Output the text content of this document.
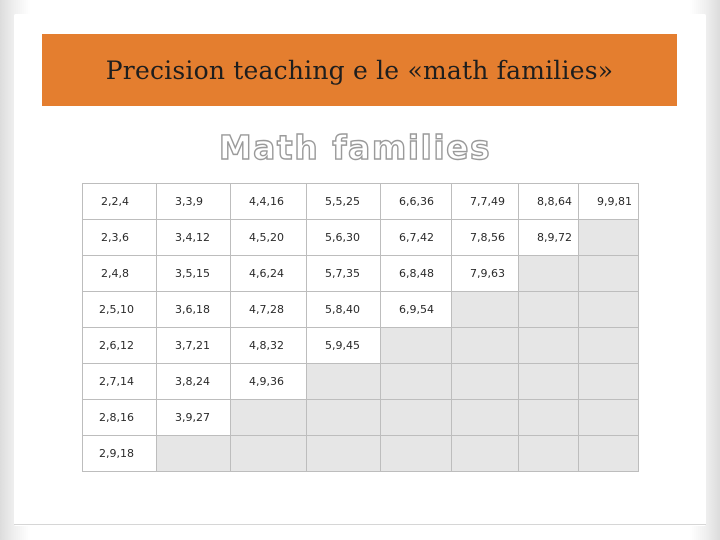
Precision teaching e le «math families»
Math families
2,2,4	3,3,9	4,4,16	5,5,25	6,6,36	7,7,49	8,8,64	9,9,81
2,3,6	3,4,12	4,5,20	5,6,30	6,7,42	7,8,56	8,9,72	
2,4,8	3,5,15	4,6,24	5,7,35	6,8,48	7,9,63		
2,5,10	3,6,18	4,7,28	5,8,40	6,9,54			
2,6,12	3,7,21	4,8,32	5,9,45				
2,7,14	3,8,24	4,9,36					
2,8,16	3,9,27						
2,9,18							
